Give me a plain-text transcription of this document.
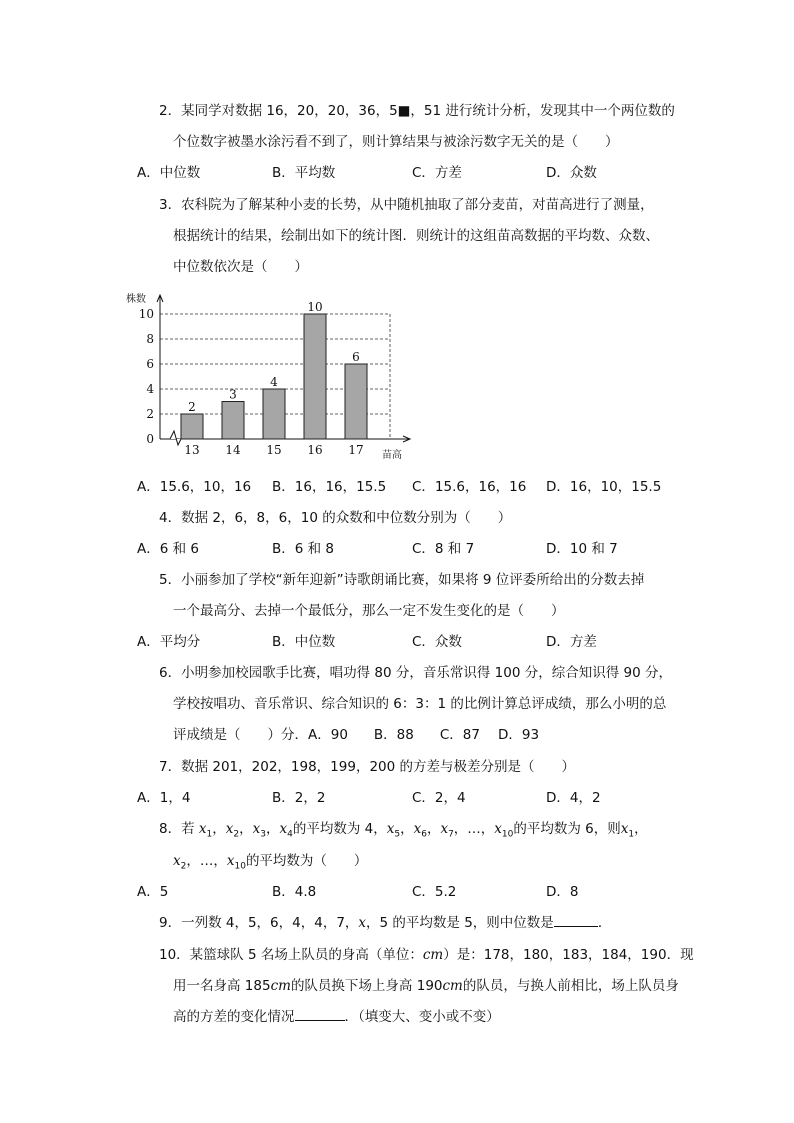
2．某同学对数据 16，20，20，36，5■，51 进行统计分析，发现其中一个两位数的
个位数字被墨水涂污看不到了，则计算结果与被涂污数字无关的是（　　）
A．中位数	B．平均数	C．方差	D．众数
3．农科院为了解某种小麦的长势，从中随机抽取了部分麦苗，对苗高进行了测量，
根据统计的结果，绘制出如下的统计图．则统计的这组苗高数据的平均数、众数、
中位数依次是（　　）
0
2
4
6
8
10
2
13
3
14
4
15
10
16
6
17
株数
苗高
A．15.6，10，16 B．16，16，15.5 C．15.6，16，16 D．16，10，15.5
4．数据 2，6，8，6，10 的众数和中位数分别为（　　）
A．6 和 6	B．6 和 8	C．8 和 7	D．10 和 7
5．小丽参加了学校“新年迎新”诗歌朗诵比赛，如果将 9 位评委所给出的分数去掉
一个最高分、去掉一个最低分，那么一定不发生变化的是（　　）
A．平均分	B．中位数	C．众数	D．方差
6．小明参加校园歌手比赛，唱功得 80 分，音乐常识得 100 分，综合知识得 90 分，
学校按唱功、音乐常识、综合知识的 6：3：1 的比例计算总评成绩，那么小明的总
评成绩是（　　）分．A．90 B．88 C．87 D．93
7．数据 201，202，198，199，200 的方差与极差分别是（　　）
A．1，4	B．2，2	C．2，4	D．4，2
8．若 $x_1$，$x_2$，$x_3$，$x_4$的平均数为 4，$x_5$，$x_6$，$x_7$，…，$x_{10}$的平均数为 6，则$x_1$，
$x_2$，…，$x_{10}$的平均数为（　　）
A．5	B．4.8	C．5.2	D．8
9．一列数 4，5，6，4，4，7，x，5 的平均数是 5，则中位数是	．
10．某篮球队 5 名场上队员的身高（单位：cm）是：178，180，183，184，190．现
用一名身高 185cm的队员换下场上身高 190cm的队员，与换人前相比，场上队员身
高的方差的变化情况	．（填变大、变小或不变）
